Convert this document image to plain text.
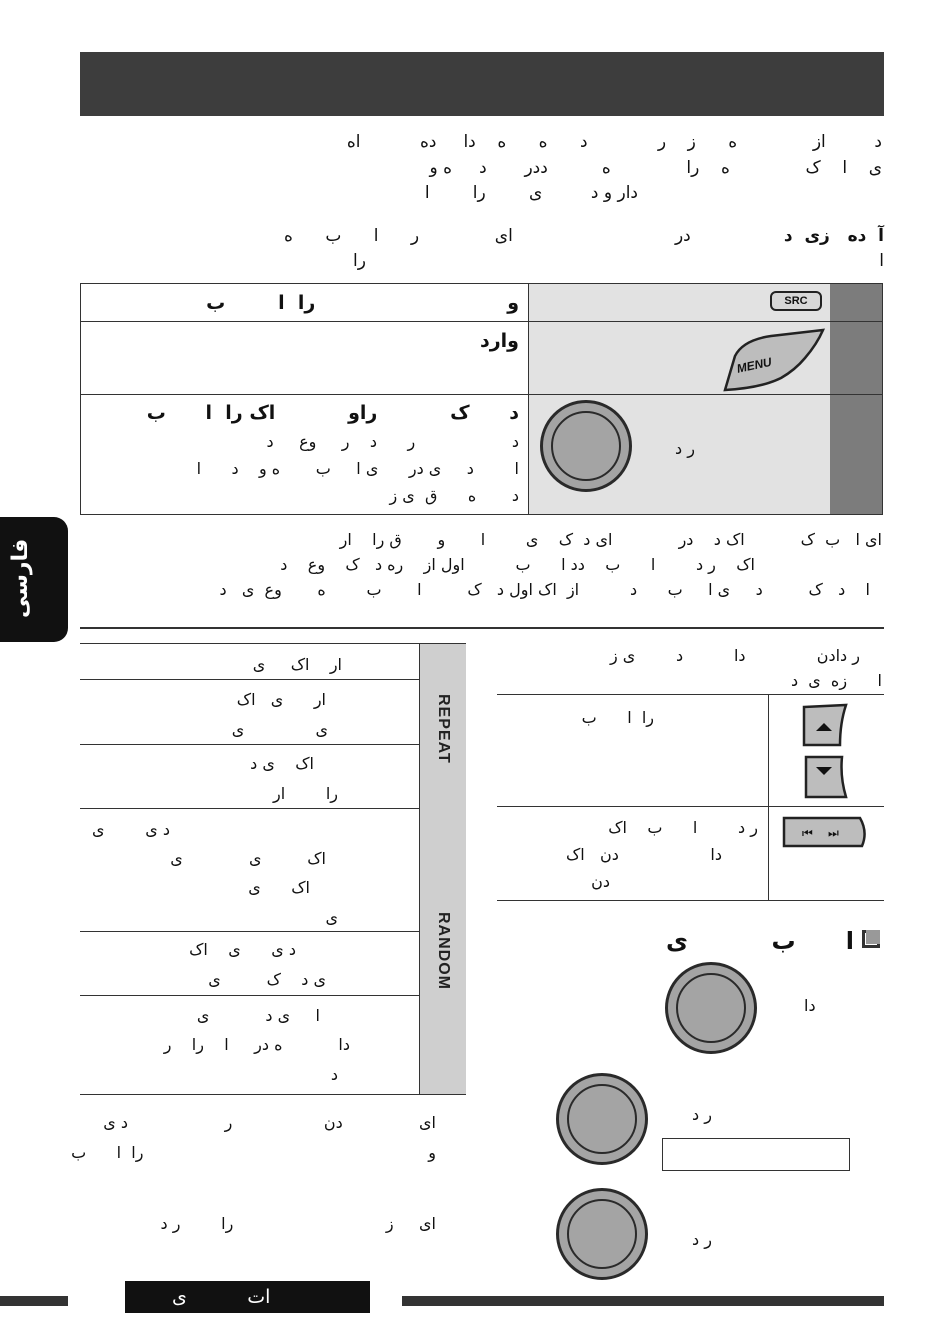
ش دادن        ض        ه
د         از              ه      ز    ر             د      ه      ه    دا     ده           اه
ی    ا    ک              ه    را              ه          ددر       د     ه و
دار و د         ی        را        ا
آ  ده   زی  د
در                              ای              ر      ا      ب      ه
ا                                                                                               را
و                             را  ا        ب	SRC
وارد
MENU
د      ک           راو           اک را  ا      ب
د                   ر      د    ر     وع     د
ا        د     ی در      ی ا     ب       ه و    د      ا
د       ه      ق  ی ز
ر د
فارسی	ای ا   ب  ک           اک د    در             ای د  ک    ی        ا       و       ق را    ار
اک    ر د        ا      ب    دد ا      ب          اول از    ره د   ک    وع    د
ا    د   ک         د     ی ا     ب      د          از  اک اول د   ک         ا       ب        ه       وع  ی   د
REPEAT
RANDOM
ار    اک     ی
ار      ی   اک
ی              ی
اک    ی د
را        ار
د ی        ی
اک         ی             ی
اک      ی
ی
د ی      ی    اک
ی د    ک         ی
ا     ی د           ی
دا           ه در     ا    را    ر
د
ای               دن                  ر                   د ی
و                                                        را  ا      ب
ای     ز                              را        ر د
ر دادن              دا          د        ی ز
ا      زه  ی  د
را  ا      ب
ر د        ا      ب    اک
دا                  دن   اک
دن
⏮ ⏭
ا      ب          ی
دا
ر د
ر د
ات          ی
